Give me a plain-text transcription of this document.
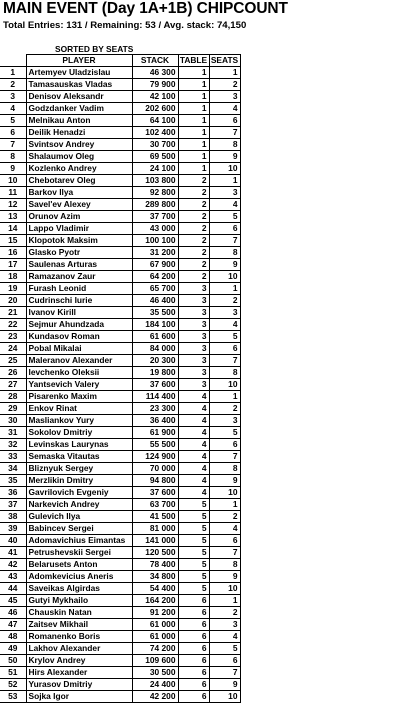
MAIN EVENT (Day 1A+1B) CHIPCOUNT
Total Entries: 131 / Remaining: 53 / Avg. stack: 74,150
SORTED BY SEATS
	PLAYER	STACK	TABLE	SEATS
1	Artemyev Uladzislau	46 300	1	1
2	Tamasauskas Vladas	79 900	1	2
3	Denisov Aleksandr	42 100	1	3
4	Godzdanker Vadim	202 600	1	4
5	Melnikau Anton	64 100	1	6
6	Deilik Henadzi	102 400	1	7
7	Svintsov Andrey	30 700	1	8
8	Shalaumov Oleg	69 500	1	9
9	Kozlenko Andrey	24 100	1	10
10	Chebotarev Oleg	103 800	2	1
11	Barkov Ilya	92 800	2	3
12	Savel'ev Alexey	289 800	2	4
13	Orunov Azim	37 700	2	5
14	Lappo Vladimir	43 000	2	6
15	Klopotok Maksim	100 100	2	7
16	Glasko Pyotr	31 200	2	8
17	Saulenas Arturas	67 900	2	9
18	Ramazanov Zaur	64 200	2	10
19	Furash Leonid	65 700	3	1
20	Cudrinschi Iurie	46 400	3	2
21	Ivanov Kirill	35 500	3	3
22	Sejmur Ahundzada	184 100	3	4
23	Kundasov Roman	61 600	3	5
24	Pobal Mikalai	84 000	3	6
25	Maleranov Alexander	20 300	3	7
26	Ievchenko Oleksii	19 800	3	8
27	Yantsevich Valery	37 600	3	10
28	Pisarenko Maxim	114 400	4	1
29	Enkov Rinat	23 300	4	2
30	Masliankov Yury	36 400	4	3
31	Sokolov Dmitriy	61 900	4	5
32	Levinskas Laurynas	55 500	4	6
33	Semaska Vitautas	124 900	4	7
34	Bliznyuk Sergey	70 000	4	8
35	Merzlikin Dmitry	94 800	4	9
36	Gavrilovich Evgeniy	37 600	4	10
37	Narkevich Andrey	63 700	5	1
38	Gulevich Ilya	41 500	5	2
39	Babincev Sergei	81 000	5	4
40	Adomavichius Eimantas	141 000	5	6
41	Petrushevskii Sergei	120 500	5	7
42	Belarusets Anton	78 400	5	8
43	Adomkevicius Aneris	34 800	5	9
44	Saveikas Algirdas	54 400	5	10
45	Gutyi Mykhailo	164 200	6	1
46	Chauskin Natan	91 200	6	2
47	Zaitsev Mikhail	61 000	6	3
48	Romanenko Boris	61 000	6	4
49	Lakhov Alexander	74 200	6	5
50	Krylov Andrey	109 600	6	6
51	Hirs Alexander	30 500	6	7
52	Yurasov Dmitriy	24 400	6	9
53	Sojka Igor	42 200	6	10
